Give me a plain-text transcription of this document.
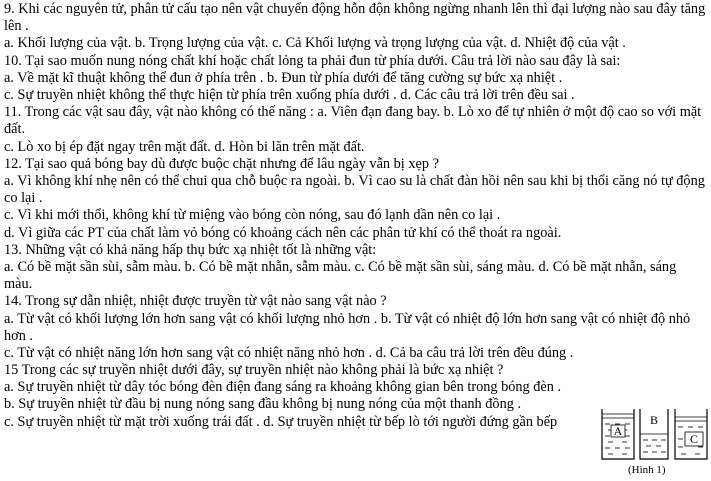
9. Khi các nguyên tử, phân tử cấu tạo nên vật chuyển động hỗn độn không ngừng nhanh lên thì đại lượng nào sau đây tăng lên .
a. Khối lượng của vật. b. Trọng lượng của vật. c. Cả Khối lượng và trọng lượng của vật. d. Nhiệt độ của vật .
10. Tại sao muốn nung nóng chất khí hoặc chất lỏng ta phải đun từ phía dưới. Câu trả lời nào sau đây là sai:
a. Về mặt kĩ thuật không thể đun ở phía trên . b. Đun từ phía dưới để tăng cường sự bức xạ nhiệt .
c. Sự truyền nhiệt không thể thực hiện từ phía trên xuống phía dưới . d. Các câu trả lời trên đều sai .
11. Trong các vật sau đây, vật nào không có thế năng : a. Viên đạn đang bay. b. Lò xo để tự nhiên ở một độ cao so với mặt đất.
c. Lò xo bị ép đặt ngay trên mặt đất. d. Hòn bi lăn trên mặt đất.
12. Tại sao quả bóng bay dù được buộc chặt nhưng để lâu ngày vẫn bị xẹp ?
a. Vì không khí nhẹ nên có thể chui qua chỗ buộc ra ngoài. b. Vì cao su là chất đàn hồi nên sau khi bị thổi căng nó tự động co lại .
c. Vì khi mới thổi, không khí từ miệng vào bóng còn nóng, sau đó lạnh dần nên co lại .
d. Vì giữa các PT của chất làm vỏ bóng có khoảng cách nên các phân tử khí có thể thoát ra ngoài.
13. Những vật có khả năng hấp thụ bức xạ nhiệt tốt là những vật:
a. Có bề mặt sần sùi, sẫm màu. b. Có bề mặt nhẵn, sẫm màu. c. Có bề mặt sần sùi, sáng màu. d. Có bề mặt nhẵn, sáng màu.
14. Trong sự dẫn nhiệt, nhiệt được truyền từ vật nào sang vật nào ?
a. Từ vật có khối lượng lớn hơn sang vật có khối lượng nhỏ hơn . b. Từ vật có nhiệt độ lớn hơn sang vật có nhiệt độ nhỏ hơn .
c. Từ vật có nhiệt năng lớn hơn sang vật có nhiệt năng nhỏ hơn . d. Cả ba câu trả lời trên đều đúng .
15 Trong các sự truyền nhiệt dưới đây, sự truyền nhiệt nào không phải là bức xạ nhiệt ?
a. Sự truyền nhiệt từ dây tóc bóng đèn điện đang sáng ra khoảng không gian bên trong bóng đèn .
b. Sự truyền nhiệt từ đầu bị nung nóng sang đầu không bị nung nóng của một thanh đồng .
c. Sự truyền nhiệt từ mặt trời xuống trái đất . d. Sự truyền nhiệt từ bếp lò tới người đứng gần bếp
A
B
C
(Hình 1)
